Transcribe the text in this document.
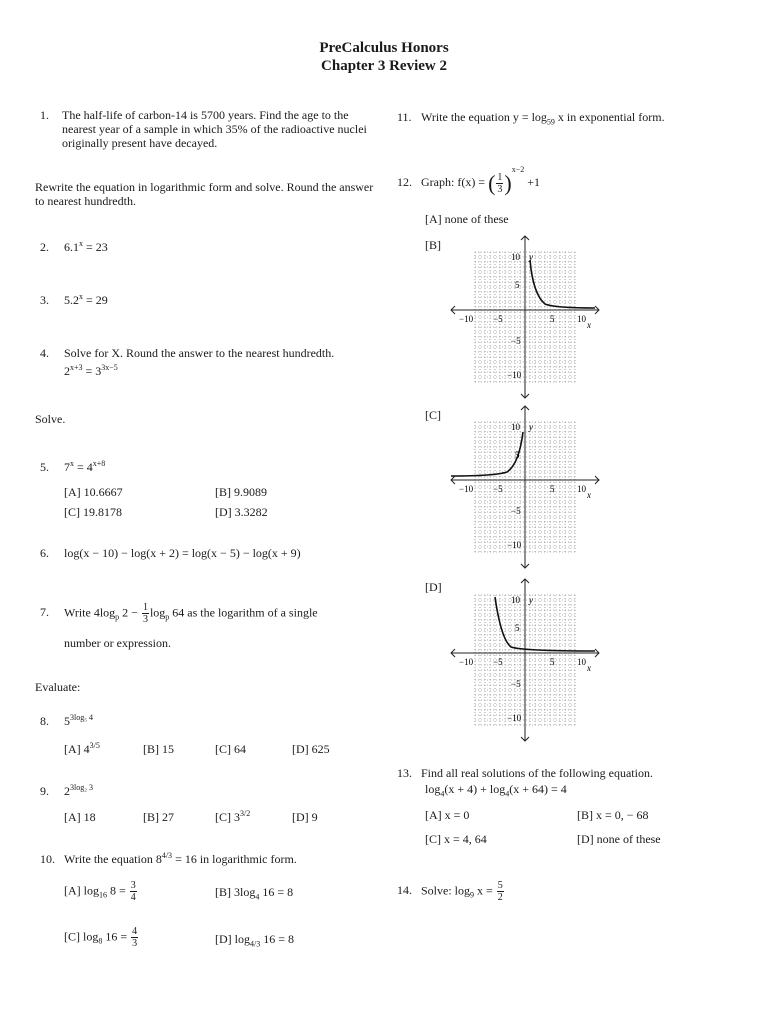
PreCalculus Honors
Chapter 3 Review 2
1. The half-life of carbon-14 is 5700 years. Find the age to the nearest year of a sample in which 35% of the radioactive nuclei originally present have decayed.
Rewrite the equation in logarithmic form and solve. Round the answer to nearest hundredth.
2. $6.1^x = 23$
3. $5.2^x = 29$
4. Solve for X. Round the answer to the nearest hundredth.
$2^{x+3} = 3^{3x-5}$
Solve.
5. $7^x = 4^{x+8}$
[A] 10.6667	[B] 9.9089
[C] 19.8178	[D] 3.3282
6. log(x − 10) − log(x + 2) = log(x − 5) − log(x + 9)
7. Write $4\log_p$ $2 - \frac{1}{3} \log_p 64$ as the logarithm of a single
number or expression.
Evaluate:
8. $5^{3log_5 4}$
[A] $4^{3/5}$	[B] 15	[C] 64	[D] 625
9. $2^{3log_2 3}$
[A] 18	[B] 27	[C] $3^{3/2}$	[D] 9
10. Write the equation $8^{4/3} = 16$ in logarithmic form.
[A] $\log_{16} 8 = \frac{3}{4}$	[B] $3\log_4$ 16 = 8
[C] $\log_8 16 = \frac{4}{3}$	[D] $\log_{4/3} 16 = 8$
11. Write the equation $y = \log_{59} x$ in exponential form.
12. Graph: f(x) = ( $\frac{1}{3} )^{x-2} +1$
[A] none of these
[B]
[C]
[D]
10 y
5
−5
−10
−10 −5	5	10
x
10 y
5
−5
−10
−10 −5	5	10
x
10 y
5
−5
−10
−10 −5	5	10
x
13. Find all real solutions of the following equation.
$\log_4(x + 4) + \log_4(x + 64) = 4$
[A] x = 0	[B] x = 0, − 68
[C] x = 4, 64	[D] none of these
14. Solve: $\log_9 x = \frac{5}{2}$
